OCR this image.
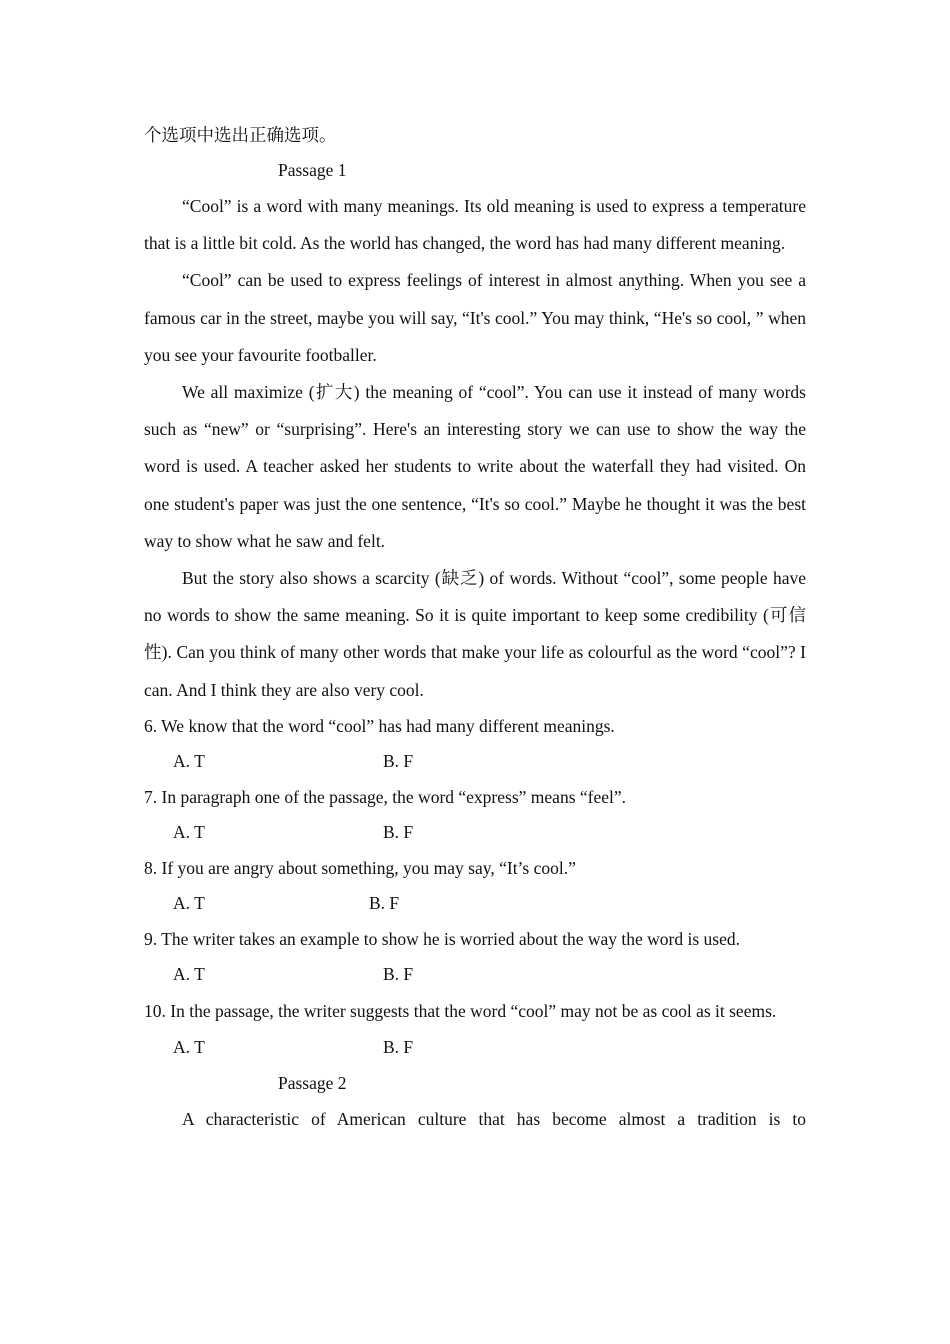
个选项中选出正确选项。

Passage 1

“Cool” is a word with many meanings. Its old meaning is used to express a temperature that is a little bit cold. As the world has changed, the word has had many different meaning.

“Cool” can be used to express feelings of interest in almost anything. When you see a famous car in the street, maybe you will say, “It's cool.” You may think, “He's so cool, ” when you see your favourite footballer.

We all maximize (扩大) the meaning of “cool”. You can use it instead of many words such as “new” or “surprising”. Here's an interesting story we can use to show the way the word is used. A teacher asked her students to write about the waterfall they had visited. On one student's paper was just the one sentence, “It's so cool.” Maybe he thought it was the best way to show what he saw and felt.

But the story also shows a scarcity (缺乏) of words. Without “cool”, some people have no words to show the same meaning. So it is quite important to keep some credibility (可信性). Can you think of many other words that make your life as colourful as the word “cool”? I can. And I think they are also very cool.

6. We know that the word “cool” has had many different meanings.

A. T	B. F

7. In paragraph one of the passage, the word “express” means “feel”.

A. T	B. F

8. If you are angry about something, you may say, “It’s cool.”

A. T	B. F

9. The writer takes an example to show he is worried about the way the word is used.

A. T	B. F

10. In the passage, the writer suggests that the word “cool” may not be as cool as it seems.

A. T	B. F

Passage 2

A characteristic of American culture that has become almost a tradition is to
